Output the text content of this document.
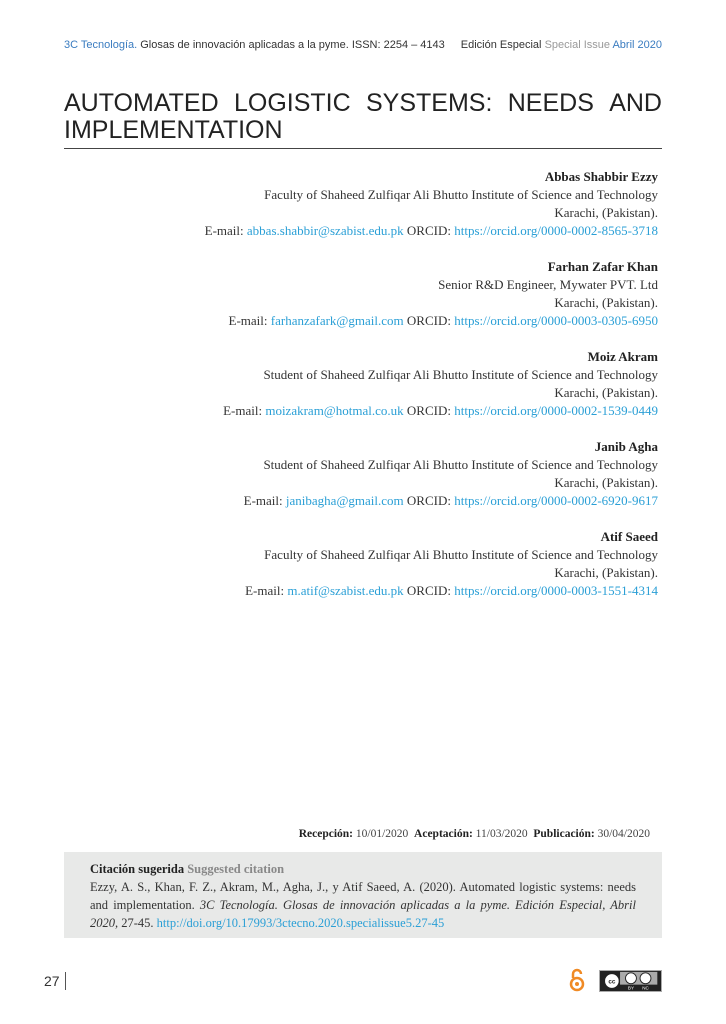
3C Tecnología. Glosas de innovación aplicadas a la pyme. ISSN: 2254 – 4143 Edición Especial Special Issue Abril 2020
AUTOMATED LOGISTIC SYSTEMS: NEEDS AND
IMPLEMENTATION
Abbas Shabbir Ezzy
Faculty of Shaheed Zulfiqar Ali Bhutto Institute of Science and Technology
Karachi, (Pakistan).
E-mail: abbas.shabbir@szabist.edu.pk ORCID: https://orcid.org/0000-0002-8565-3718
Farhan Zafar Khan
Senior R&D Engineer, Mywater PVT. Ltd
Karachi, (Pakistan).
E-mail: farhanzafark@gmail.com ORCID: https://orcid.org/0000-0003-0305-6950
Moiz Akram
Student of Shaheed Zulfiqar Ali Bhutto Institute of Science and Technology
Karachi, (Pakistan).
E-mail: moizakram@hotmal.co.uk ORCID: https://orcid.org/0000-0002-1539-0449
Janib Agha
Student of Shaheed Zulfiqar Ali Bhutto Institute of Science and Technology
Karachi, (Pakistan).
E-mail: janibagha@gmail.com ORCID: https://orcid.org/0000-0002-6920-9617
Atif Saeed
Faculty of Shaheed Zulfiqar Ali Bhutto Institute of Science and Technology
Karachi, (Pakistan).
E-mail: m.atif@szabist.edu.pk ORCID: https://orcid.org/0000-0003-1551-4314
Recepción: 10/01/2020 Aceptación: 11/03/2020 Publicación: 30/04/2020
Citación sugerida Suggested citation
Ezzy, A. S., Khan, F. Z., Akram, M., Agha, J., y Atif Saeed, A. (2020). Automated logistic systems: needs and implementation. 3C Tecnología. Glosas de innovación aplicadas a la pyme. Edición Especial, Abril 2020, 27-45. http://doi.org/10.17993/3ctecno.2020.specialissue5.27-45
27	cc
BY NC
